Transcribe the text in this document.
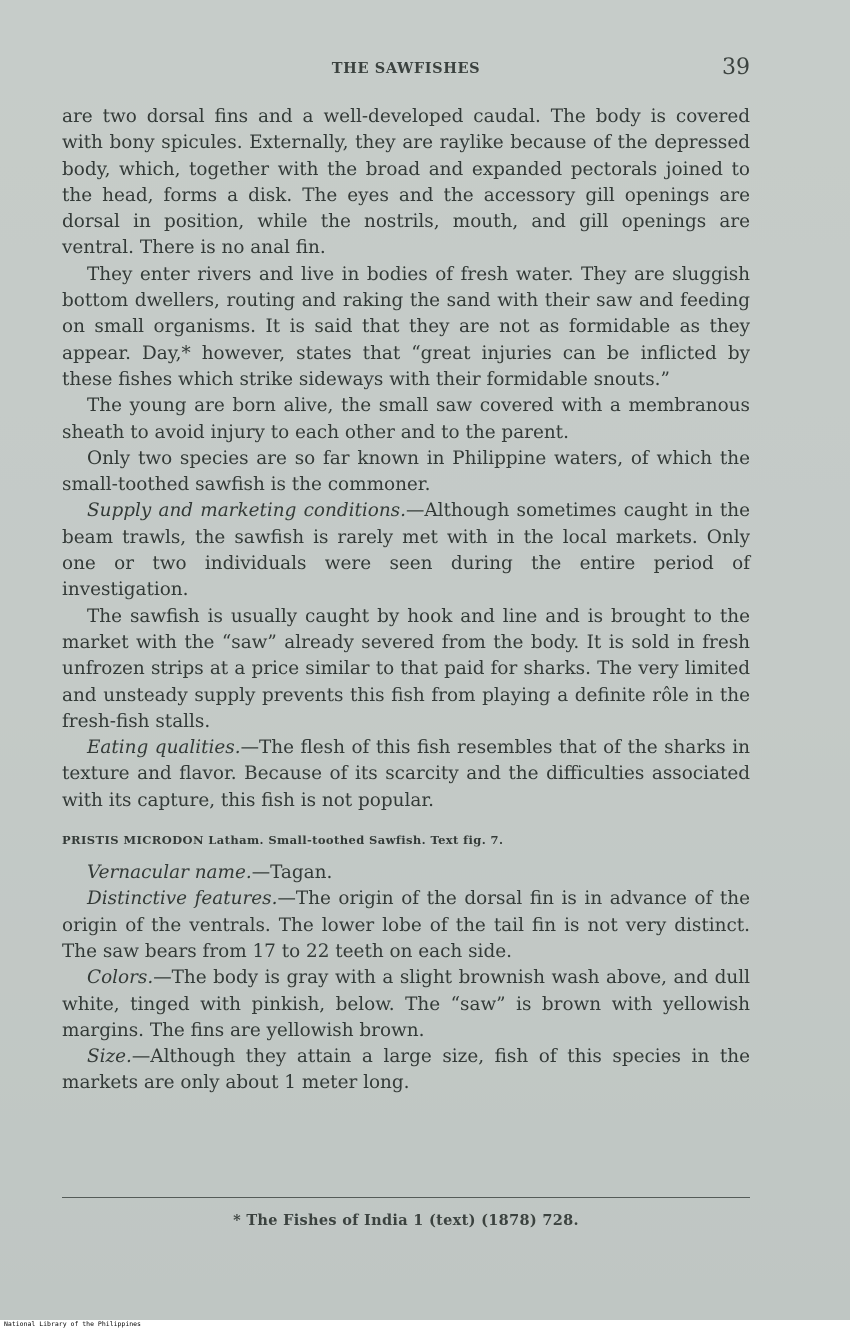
THE SAWFISHES	39

are two dorsal fins and a well-developed caudal. The body is covered with bony spicules. Externally, they are raylike because of the depressed body, which, together with the broad and expanded pectorals joined to the head, forms a disk. The eyes and the accessory gill openings are dorsal in position, while the nostrils, mouth, and gill openings are ventral. There is no anal fin.

They enter rivers and live in bodies of fresh water. They are sluggish bottom dwellers, routing and raking the sand with their saw and feeding on small organisms. It is said that they are not as formidable as they appear. Day,* however, states that “great injuries can be inflicted by these fishes which strike sideways with their formidable snouts.”

The young are born alive, the small saw covered with a membranous sheath to avoid injury to each other and to the parent.

Only two species are so far known in Philippine waters, of which the small-toothed sawfish is the commoner.

Supply and marketing conditions.—Although sometimes caught in the beam trawls, the sawfish is rarely met with in the local markets. Only one or two individuals were seen during the entire period of investigation.

The sawfish is usually caught by hook and line and is brought to the market with the “saw” already severed from the body. It is sold in fresh unfrozen strips at a price similar to that paid for sharks. The very limited and unsteady supply prevents this fish from playing a definite rôle in the fresh-fish stalls.

Eating qualities.—The flesh of this fish resembles that of the sharks in texture and flavor. Because of its scarcity and the difficulties associated with its capture, this fish is not popular.

PRISTIS MICRODON Latham. Small-toothed Sawfish. Text fig. 7.

Vernacular name.—Tagan.

Distinctive features.—The origin of the dorsal fin is in advance of the origin of the ventrals. The lower lobe of the tail fin is not very distinct. The saw bears from 17 to 22 teeth on each side.

Colors.—The body is gray with a slight brownish wash above, and dull white, tinged with pinkish, below. The “saw” is brown with yellowish margins. The fins are yellowish brown.

Size.—Although they attain a large size, fish of this species in the markets are only about 1 meter long.

* The Fishes of India 1 (text) (1878) 728.
National Library of the Philippines
